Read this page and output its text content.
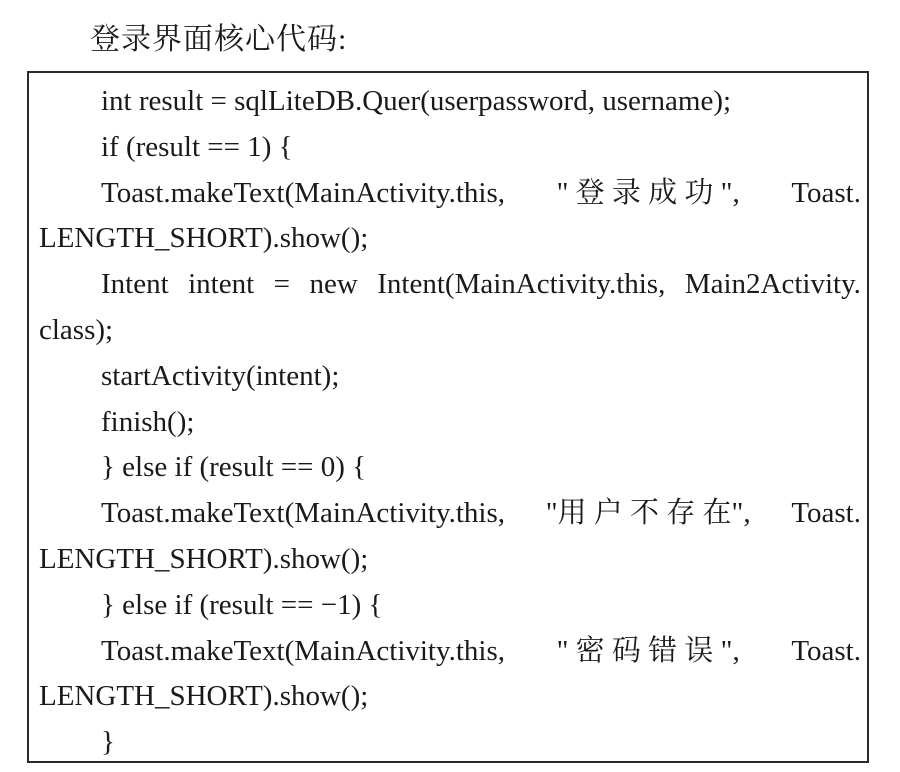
登录界面核心代码:
int result = sqlLiteDB.Quer(userpassword, username);
if (result == 1) {
Toast.makeText(MainActivity.this, " 登 录 成 功 ", Toast.
LENGTH_SHORT).show();
Intent intent = new Intent(MainActivity.this, Main2Activity.
class);
startActivity(intent);
finish();
} else if (result == 0) {
Toast.makeText(MainActivity.this, "用 户 不 存 在", Toast.
LENGTH_SHORT).show();
} else if (result == −1) {
Toast.makeText(MainActivity.this, " 密 码 错 误 ", Toast.
LENGTH_SHORT).show();
}
